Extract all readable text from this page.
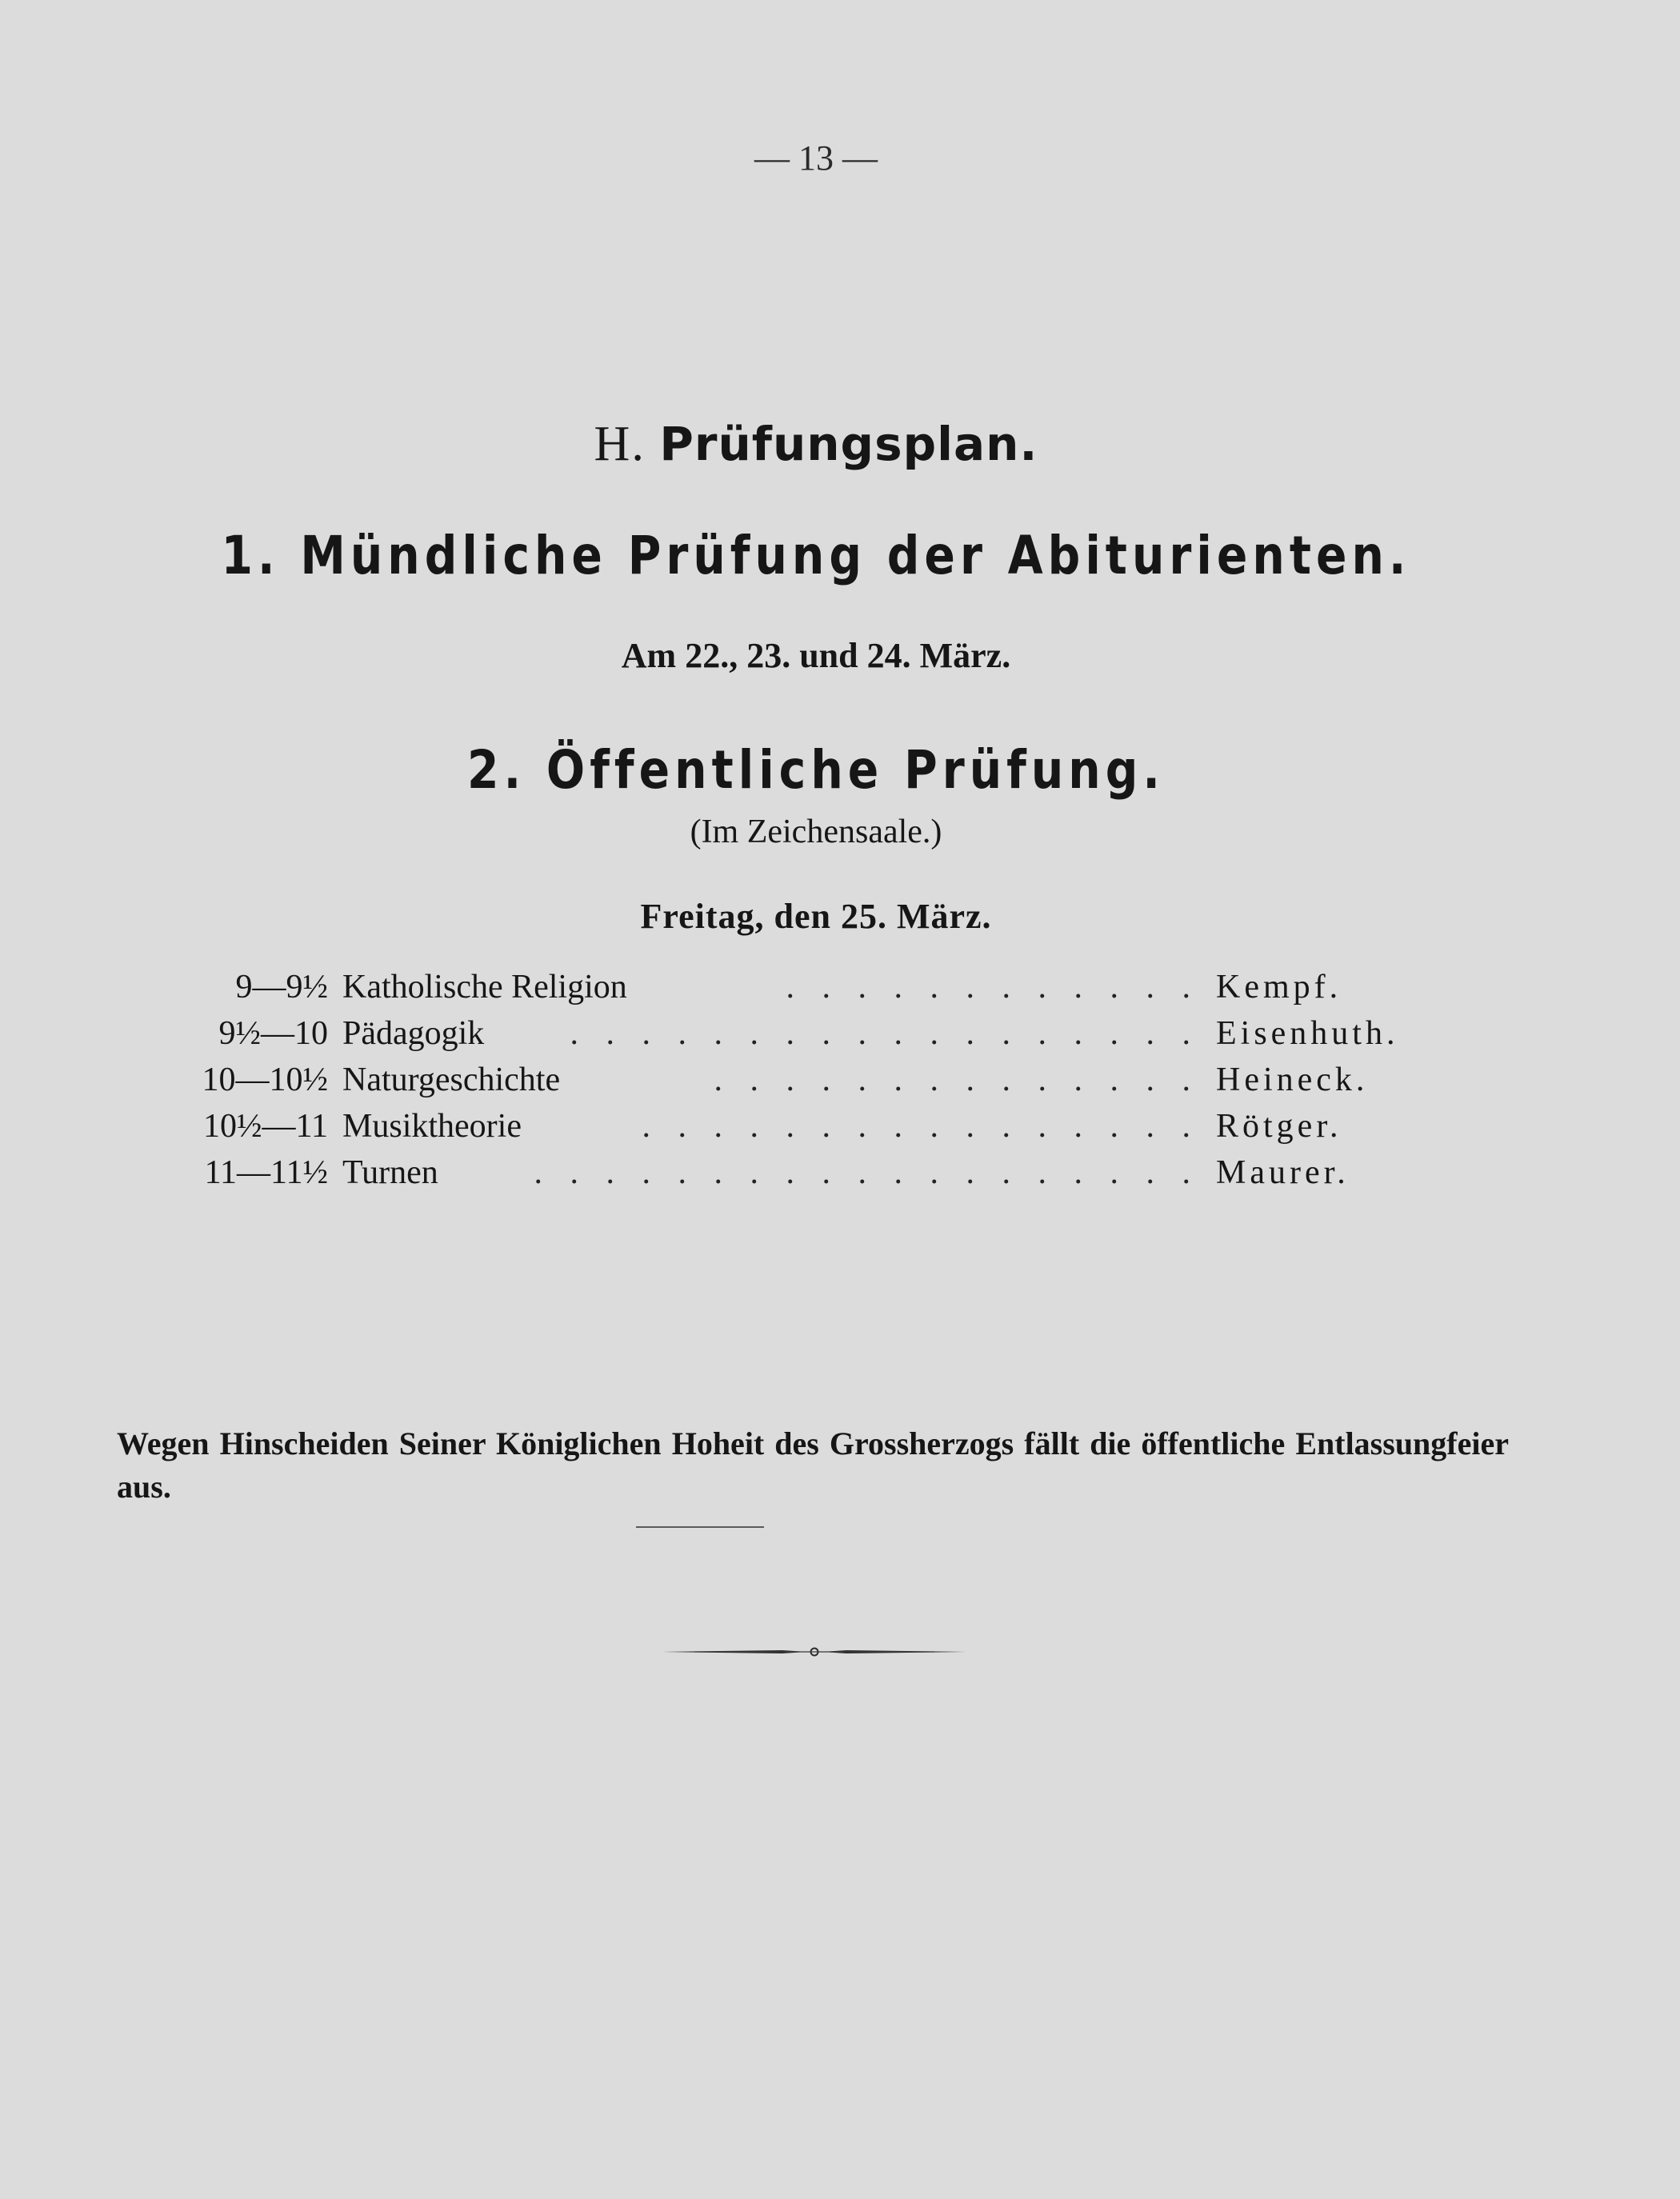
— 13 —
H. Prüfungsplan.
1. Mündliche Prüfung der Abiturienten.
Am 22., 23. und 24. März.
2. Öffentliche Prüfung.
(Im Zeichensaale.)
Freitag, den 25. März.
9—9½ Katholische Religion	. . . . . . . . . . . . Kempf.
9½—10 Pädagogik	. . . . . . . . . . . . . . . . . . Eisenhuth.
10—10½ Naturgeschichte	. . . . . . . . . . . . . . Heineck.
10½—11 Musiktheorie	. . . . . . . . . . . . . . . . Rötger.
11—11½ Turnen	. . . . . . . . . . . . . . . . . . . Maurer.
Wegen Hinscheiden Seiner Königlichen Hoheit des Grossherzogs fällt die öffentliche Entlassungfeier aus.
